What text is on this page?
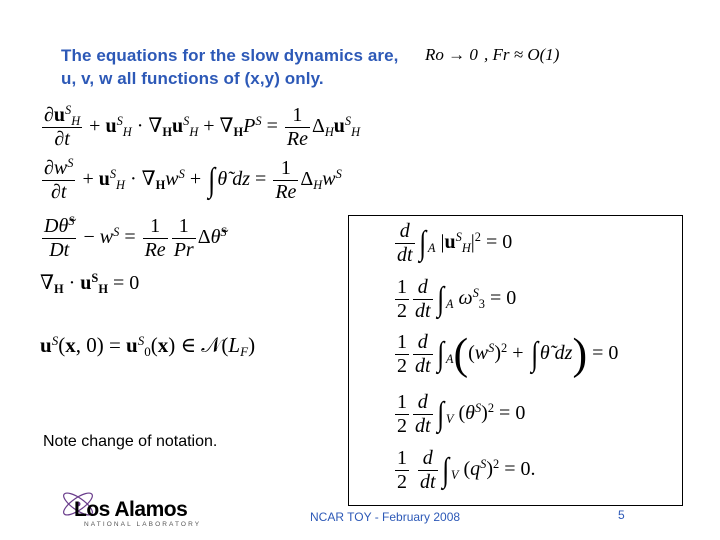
The equations for the slow dynamics are, Ro → 0 , Fr ≈ O(1)
u, v, w all functions of (x,y) only.
$\frac{\partial u^S_H}{\partial t} + u^S_H \cdot \nabla_Hu^S_H + \nabla_HP^S = \frac{1}{Re} \Delta_Hu^S_H$
$\frac{\partial w^S}{\partial t} + u^S_H \cdot \nabla_Hw^S$ + ∫ θ̃ dz = $\frac{1}{Re} \Delta_Hw^S$
$\frac{D\thetã^S}{Dt} - w^S = \frac{1}{Re} \frac{1}{Pr}$ Δθ̃$^S$
$\nabla_H \cdot u^S_H = 0$
$u^S(x$, $0) = u^S_0(x)$ ∈ $𝒩(L_F)$
$\frac{d}{dt}$ ∫ $_A$ $|u^S_H|^2 = 0$
$\frac{1}{2} \frac{d}{dt}$ ∫ $_A$ $\omega^S_3 = 0$
$\frac{1}{2} \frac{d}{dt}$ ∫ $_A((w^S)^2$ + ∫ θ̃ dz) = 0
$\frac{1}{2} \frac{d}{dt}$ ∫ $_V$ $(\theta^S)^2 = 0$
$\frac{1}{2}$
$\frac{d}{dt}$ ∫ $_V$ $(q^S)^2 = 0$.
Note change of notation.
Los Alamos
NATIONAL LABORATORY
NCAR TOY - February 2008	5
